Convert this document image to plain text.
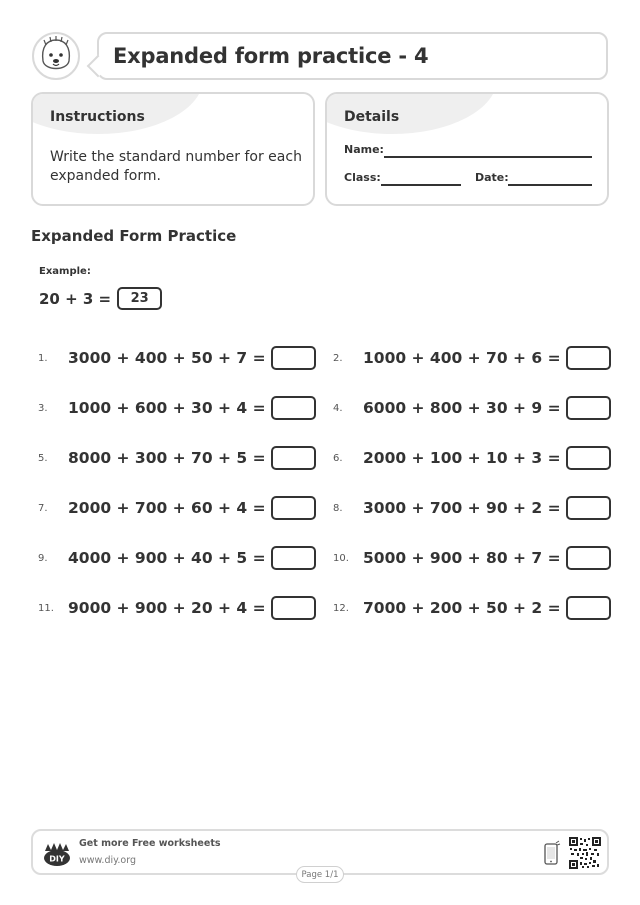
Expanded form practice - 4
Instructions
Write the standard number for each expanded form.
Details
Name:
Class:	Date:
Expanded Form Practice
Example:
20 + 3 = 23
1.	3000 + 400 + 50 + 7 =	2.	1000 + 400 + 70 + 6 =
3.	1000 + 600 + 30 + 4 =	4.	6000 + 800 + 30 + 9 =
5.	8000 + 300 + 70 + 5 =	6.	2000 + 100 + 10 + 3 =
7.	2000 + 700 + 60 + 4 =	8.	3000 + 700 + 90 + 2 =
9.	4000 + 900 + 40 + 5 =	10. 5000 + 900 + 80 + 7 =
11. 9000 + 900 + 20 + 4 =	12. 7000 + 200 + 50 + 2 =
DIY
Get more Free worksheets
www.diy.org
Page 1/1
